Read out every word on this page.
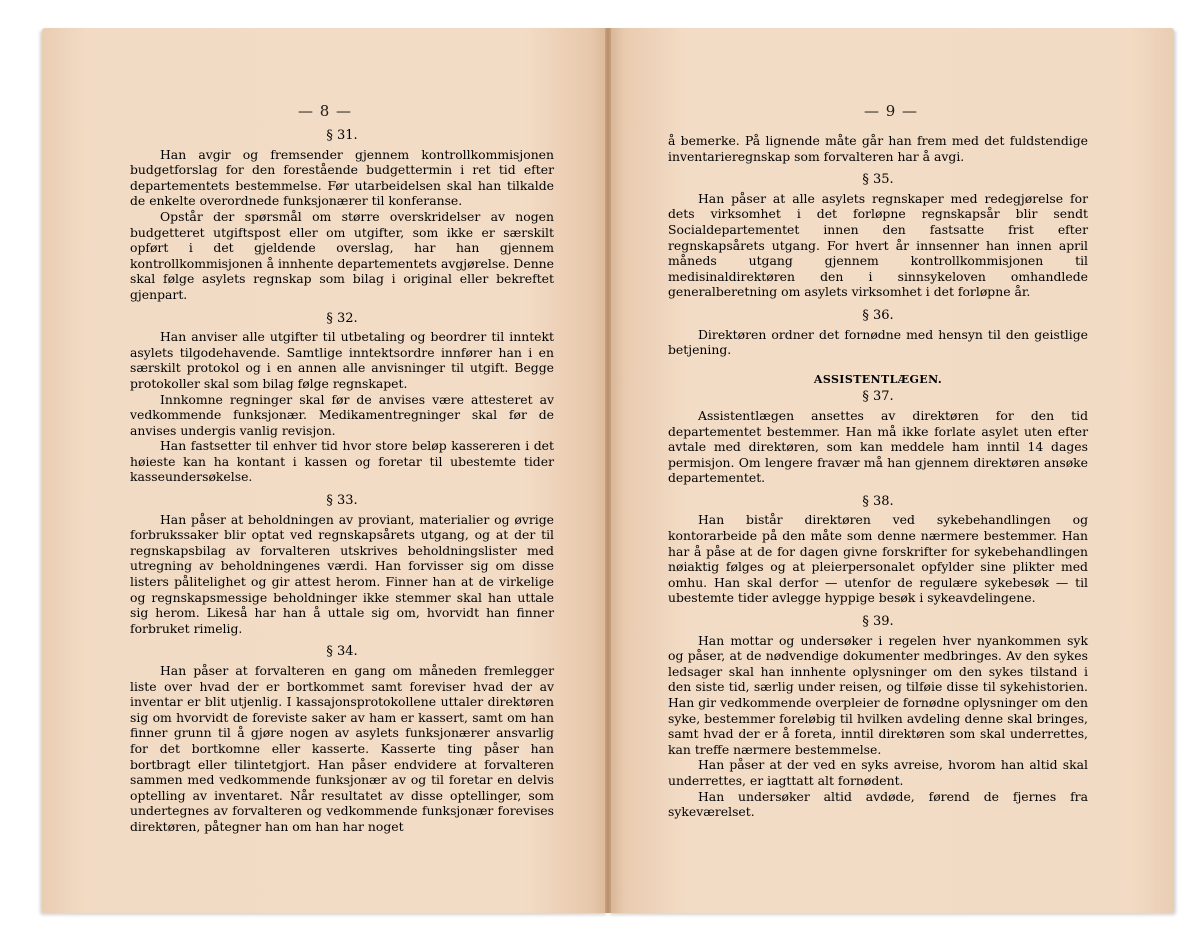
— 8 —	— 9 —
§ 31.

Han avgir og fremsender gjennem kontrollkommisjonen budgetforslag for den forestående budgettermin i ret tid efter departementets bestemmelse. Før utarbeidelsen skal han tilkalde de enkelte overordnede funksjonærer til konferanse.

Opstår der spørsmål om større overskridelser av nogen budgetteret utgiftspost eller om utgifter, som ikke er særskilt opført i det gjeldende overslag, har han gjennem kontrollkommisjonen å innhente departementets avgjørelse. Denne skal følge asylets regnskap som bilag i original eller bekreftet gjenpart.

§ 32.

Han anviser alle utgifter til utbetaling og beordrer til inntekt asylets tilgodehavende. Samtlige inntektsordre innfører han i en særskilt protokol og i en annen alle anvisninger til utgift. Begge protokoller skal som bilag følge regnskapet.

Innkomne regninger skal før de anvises være attesteret av vedkommende funksjonær. Medikamentregninger skal før de anvises undergis vanlig revisjon.

Han fastsetter til enhver tid hvor store beløp kassereren i det høieste kan ha kontant i kassen og foretar til ubestemte tider kasseundersøkelse.

§ 33.

Han påser at beholdningen av proviant, materialier og øvrige forbrukssaker blir optat ved regnskapsårets utgang, og at der til regnskapsbilag av forvalteren utskrives beholdningslister med utregning av beholdningenes værdi. Han forvisser sig om disse listers pålitelighet og gir attest herom. Finner han at de virkelige og regnskapsmessige beholdninger ikke stemmer skal han uttale sig herom. Likeså har han å uttale sig om, hvorvidt han finner forbruket rimelig.

§ 34.

Han påser at forvalteren en gang om måneden fremlegger liste over hvad der er bortkommet samt foreviser hvad der av inventar er blit utjenlig. I kassajonsprotokollene uttaler direktøren sig om hvorvidt de foreviste saker av ham er kassert, samt om han finner grunn til å gjøre nogen av asylets funksjonærer ansvarlig for det bortkomne eller kasserte. Kasserte ting påser han bortbragt eller tilintetgjort. Han påser endvidere at forvalteren sammen med vedkommende funksjonær av og til foretar en delvis optelling av inventaret. Når resultatet av disse optellinger, som undertegnes av forvalteren og vedkommende funksjonær forevises direktøren, påtegner han om han har noget

å bemerke. På lignende måte går han frem med det fuldstendige inventarieregnskap som forvalteren har å avgi.

§ 35.

Han påser at alle asylets regnskaper med redegjørelse for dets virksomhet i det forløpne regnskapsår blir sendt Socialdepartementet innen den fastsatte frist efter regnskapsårets utgang. For hvert år innsenner han innen april måneds utgang gjennem kontrollkommisjonen til medisinaldirektøren den i sinnsykeloven omhandlede generalberetning om asylets virksomhet i det forløpne år.

§ 36.

Direktøren ordner det fornødne med hensyn til den geistlige betjening.

ASSISTENTLÆGEN.
§ 37.

Assistentlægen ansettes av direktøren for den tid departementet bestemmer. Han må ikke forlate asylet uten efter avtale med direktøren, som kan meddele ham inntil 14 dages permisjon. Om lengere fravær må han gjennem direktøren ansøke departementet.

§ 38.

Han bistår direktøren ved sykebehandlingen og kontorarbeide på den måte som denne nærmere bestemmer. Han har å påse at de for dagen givne forskrifter for sykebehandlingen nøiaktig følges og at pleierpersonalet opfylder sine plikter med omhu. Han skal derfor — utenfor de regulære sykebesøk — til ubestemte tider avlegge hyppige besøk i sykeavdelingene.

§ 39.

Han mottar og undersøker i regelen hver nyankommen syk og påser, at de nødvendige dokumenter medbringes. Av den sykes ledsager skal han innhente oplysninger om den sykes tilstand i den siste tid, særlig under reisen, og tilføie disse til sykehistorien. Han gir vedkommende overpleier de fornødne oplysninger om den syke, bestemmer foreløbig til hvilken avdeling denne skal bringes, samt hvad der er å foreta, inntil direktøren som skal underrettes, kan treffe nærmere bestemmelse.

Han påser at der ved en syks avreise, hvorom han altid skal underrettes, er iagttatt alt fornødent.

Han undersøker altid avdøde, førend de fjernes fra sykeværelset.
